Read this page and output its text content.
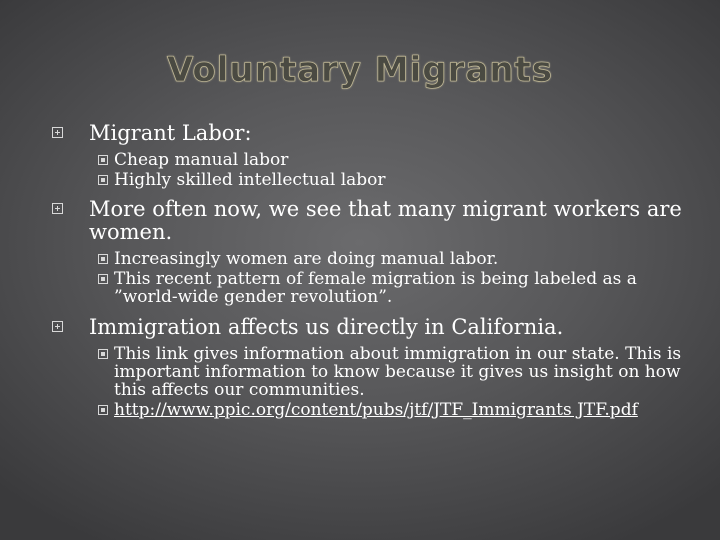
Voluntary Migrants
Migrant Labor:
Cheap manual labor
Highly skilled intellectual labor
More often now, we see that many migrant workers are women.
Increasingly women are doing manual labor.
This recent pattern of female migration is being labeled as a ”world-wide gender revolution”.
Immigration affects us directly in California.
This link gives information about immigration in our state. This is important information to know because it gives us insight on how this affects our communities.
http://www.ppic.org/content/pubs/jtf/JTF_Immigrants JTF.pdf
